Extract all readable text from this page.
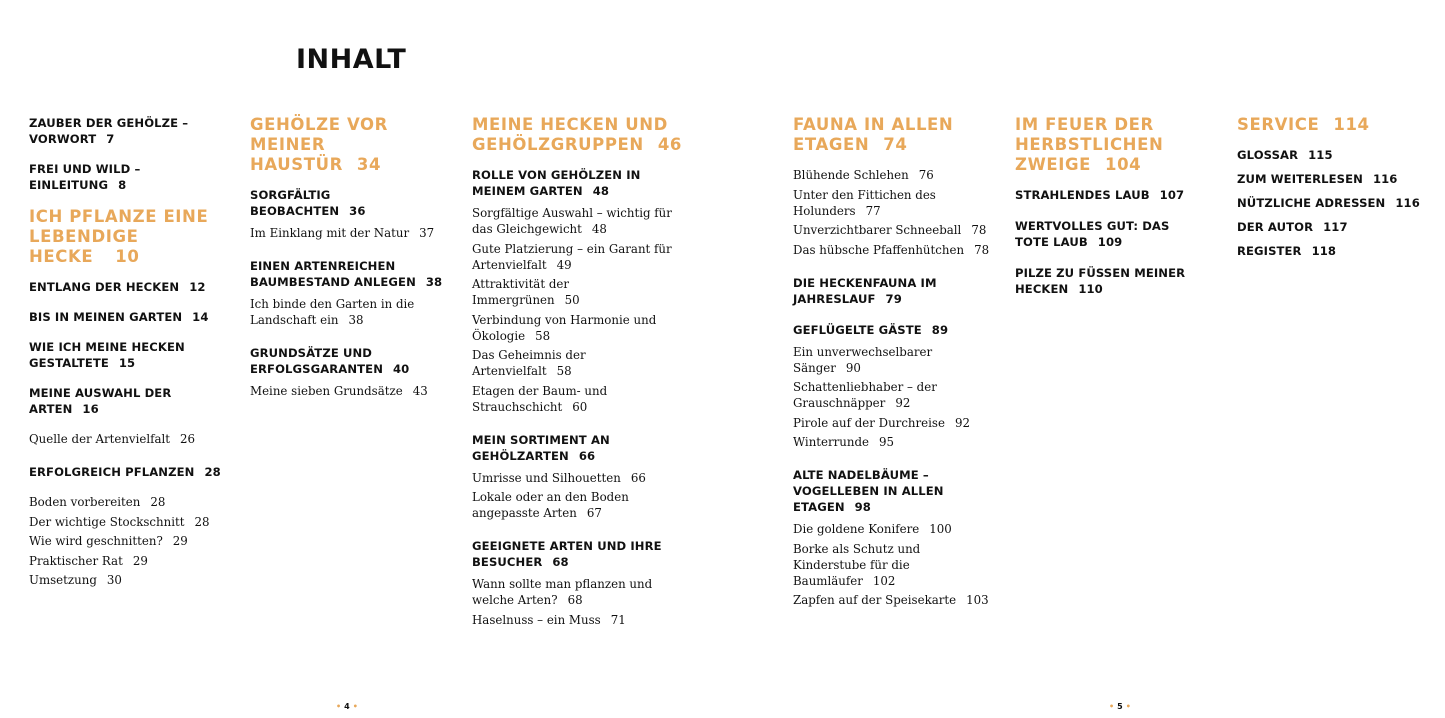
INHALT
ZAUBER DER GEHÖLZE – VORWORT 7
FREI UND WILD – EINLEITUNG 8
ICH PFLANZE EINE LEBENDIGE HECKE 10
ENTLANG DER HECKEN 12
BIS IN MEINEN GARTEN 14
WIE ICH MEINE HECKEN GESTALTETE 15
MEINE AUSWAHL DER ARTEN 16
Quelle der Artenvielfalt 26
ERFOLGREICH PFLANZEN 28
Boden vorbereiten 28
Der wichtige Stockschnitt 28
Wie wird geschnitten? 29
Praktischer Rat 29
Umsetzung 30
GEHÖLZE VOR MEINER HAUSTÜR 34
SORGFÄLTIG BEOBACHTEN 36
Im Einklang mit der Natur 37
EINEN ARTENREICHEN BAUMBESTAND ANLEGEN 38
Ich binde den Garten in die Landschaft ein 38
GRUNDSÄTZE UND ERFOLGSGARANTEN 40
Meine sieben Grundsätze 43
MEINE HECKEN UND GEHÖLZGRUPPEN 46
ROLLE VON GEHÖLZEN IN MEINEM GARTEN 48
Sorgfältige Auswahl – wichtig für das Gleichgewicht 48
Gute Platzierung – ein Garant für Artenvielfalt 49
Attraktivität der Immergrünen 50
Verbindung von Harmonie und Ökologie 58
Das Geheimnis der Artenvielfalt 58
Etagen der Baum- und Strauchschicht 60
MEIN SORTIMENT AN GEHÖLZARTEN 66
Umrisse und Silhouetten 66
Lokale oder an den Boden angepasste Arten 67
GEEIGNETE ARTEN UND IHRE BESUCHER 68
Wann sollte man pflanzen und welche Arten? 68
Haselnuss – ein Muss 71
FAUNA IN ALLEN ETAGEN 74
Blühende Schlehen 76
Unter den Fittichen des Holunders 77
Unverzichtbarer Schneeball 78
Das hübsche Pfaffenhütchen 78
DIE HECKENFAUNA IM JAHRESLAUF 79
GEFLÜGELTE GÄSTE 89
Ein unverwechselbarer Sänger 90
Schattenliebhaber – der Grauschnäpper 92
Pirole auf der Durchreise 92
Winterrunde 95
ALTE NADELBÄUME – VOGELLEBEN IN ALLEN ETAGEN 98
Die goldene Konifere 100
Borke als Schutz und Kinderstube für die Baumläufer 102
Zapfen auf der Speisekarte 103
IM FEUER DER HERBSTLICHEN ZWEIGE 104
STRAHLENDES LAUB 107
WERTVOLLES GUT: DAS TOTE LAUB 109
PILZE ZU FÜSSEN MEINER HECKEN 110
SERVICE 114
GLOSSAR 115
ZUM WEITERLESEN 116
NÜTZLICHE ADRESSEN 116
DER AUTOR 117
REGISTER 118
• 4 •	• 5 •
